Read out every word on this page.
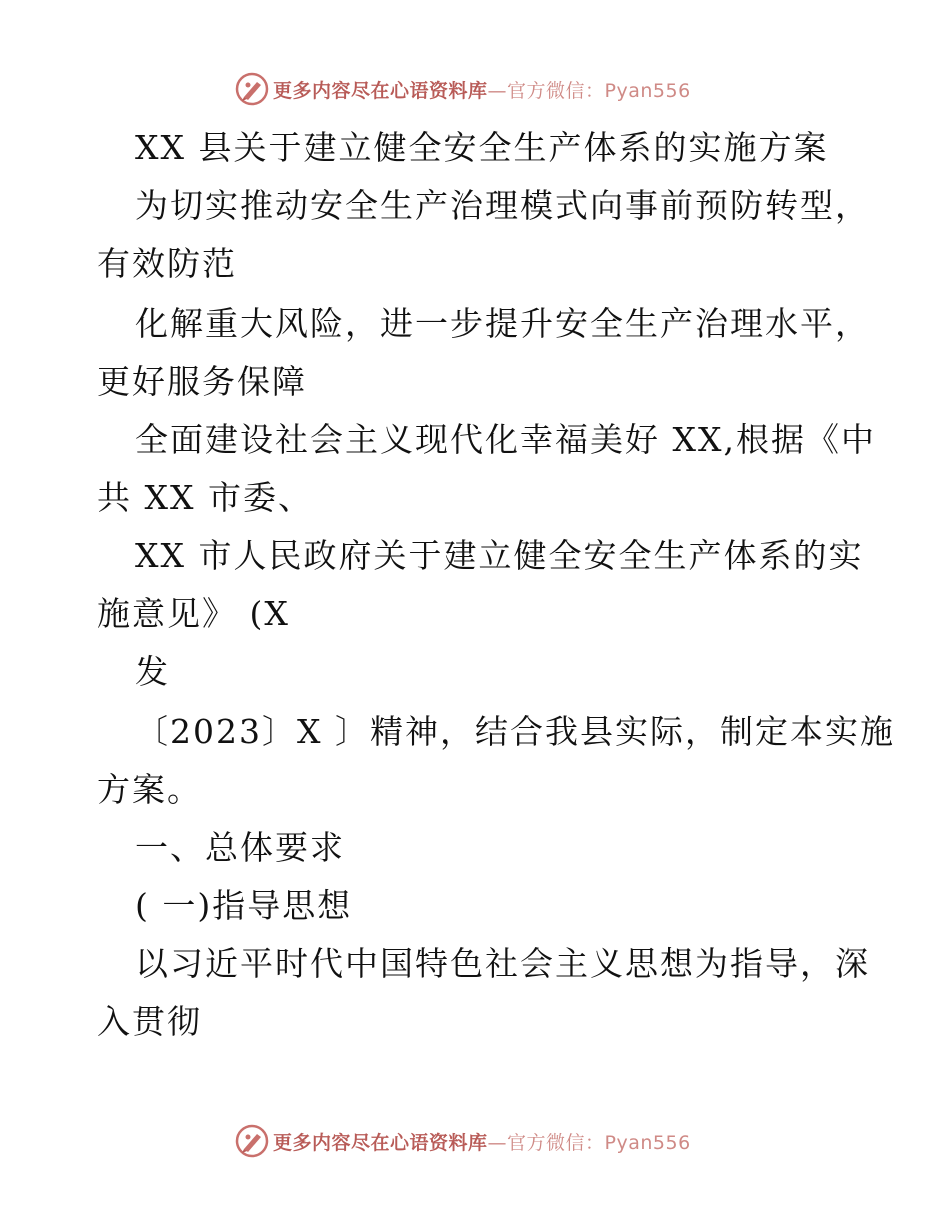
更多内容尽在心语资料库—官方微信：Pyan556
XX 县关于建立健全安全生产体系的实施方案
为切实推动安全生产治理模式向事前预防转型，
有效防范
化解重大风险，进一步提升安全生产治理水平，
更好服务保障
全面建设社会主义现代化幸福美好 XX,根据《中
共 XX 市委、
XX 市人民政府关于建立健全安全生产体系的实
施意见》 (X
发
〔2023〕X 〕精神，结合我县实际，制定本实施
方案。
一、总体要求
( 一)指导思想
以习近平时代中国特色社会主义思想为指导，深
入贯彻
更多内容尽在心语资料库—官方微信：Pyan556
